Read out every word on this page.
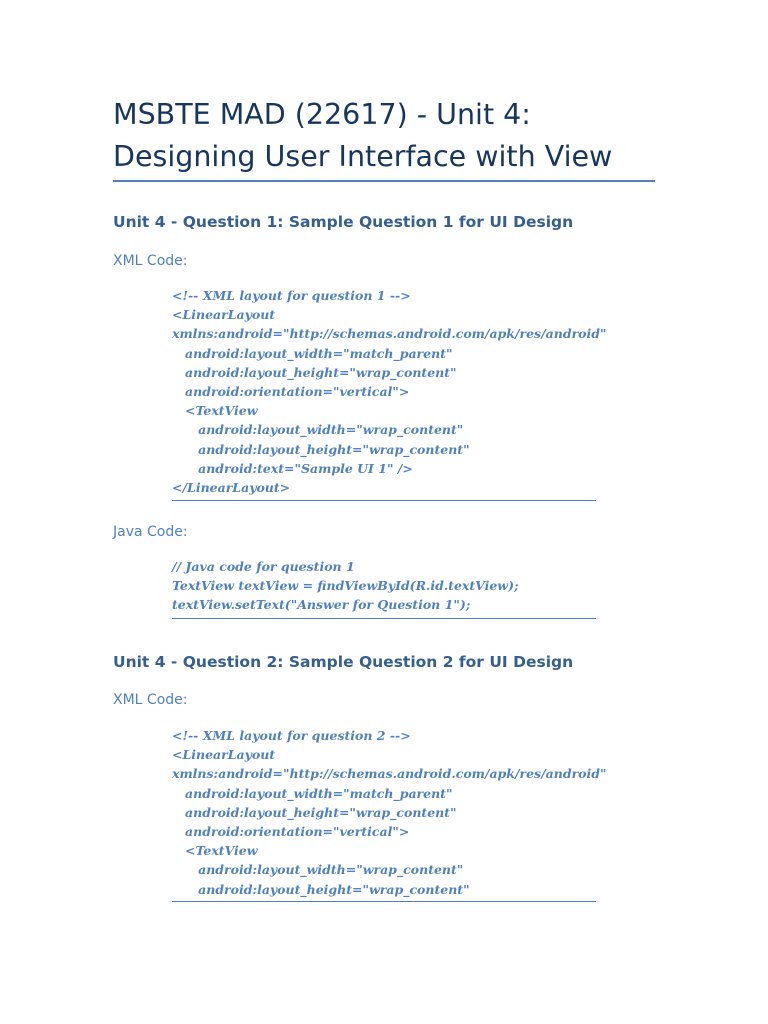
MSBTE MAD (22617) - Unit 4: Designing User Interface with View
Unit 4 - Question 1: Sample Question 1 for UI Design
XML Code:
<!-- XML layout for question 1 -->
<LinearLayout
xmlns:android="http://schemas.android.com/apk/res/android"
android:layout_width="match_parent"
android:layout_height="wrap_content"
android:orientation="vertical">
<TextView
android:layout_width="wrap_content"
android:layout_height="wrap_content"
android:text="Sample UI 1" />
</LinearLayout>
Java Code:
// Java code for question 1
TextView textView = findViewById(R.id.textView);
textView.setText("Answer for Question 1");
Unit 4 - Question 2: Sample Question 2 for UI Design
XML Code:
<!-- XML layout for question 2 -->
<LinearLayout
xmlns:android="http://schemas.android.com/apk/res/android"
android:layout_width="match_parent"
android:layout_height="wrap_content"
android:orientation="vertical">
<TextView
android:layout_width="wrap_content"
android:layout_height="wrap_content"
